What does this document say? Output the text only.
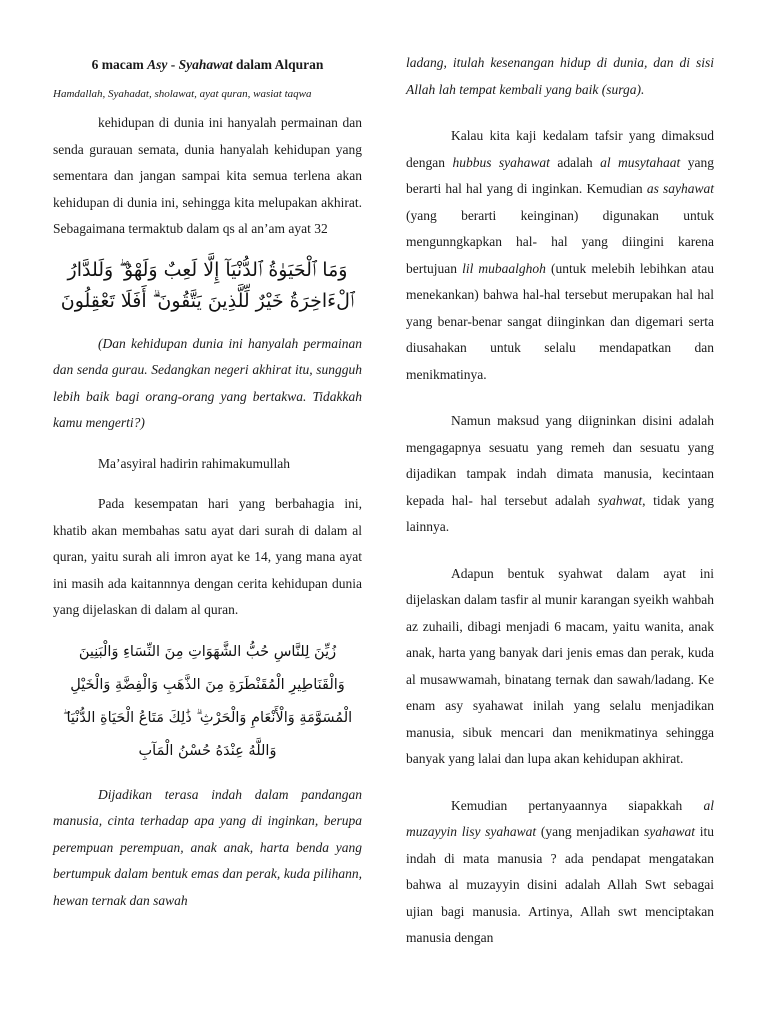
6 macam Asy - Syahawat dalam Alquran
Hamdallah, Syahadat, sholawat, ayat quran, wasiat taqwa

kehidupan di dunia ini hanyalah permainan dan senda gurauan semata, dunia hanyalah kehidupan yang sementara dan jangan sampai kita semua terlena akan kehidupan di dunia ini, sehingga kita melupakan akhirat. Sebagaimana termaktub dalam qs al an’am ayat 32

وَمَا ٱلْحَيَوٰةُ ٱلدُّنْيَآ إِلَّا لَعِبٌ وَلَهْوٌ ۖ وَلَلدَّارُ ٱلْءَاخِرَةُ خَيْرٌ لِّلَّذِينَ يَتَّقُونَ ۗ أَفَلَا تَعْقِلُونَ

(Dan kehidupan dunia ini hanyalah permainan dan senda gurau. Sedangkan negeri akhirat itu, sungguh lebih baik bagi orang-orang yang bertakwa. Tidakkah kamu mengerti?)

Ma’asyiral hadirin rahimakumullah

Pada kesempatan hari yang berbahagia ini, khatib akan membahas satu ayat dari surah di dalam al quran, yaitu surah ali imron ayat ke 14, yang mana ayat ini masih ada kaitannnya dengan cerita kehidupan dunia yang dijelaskan di dalam al quran.

زُيِّنَ لِلنَّاسِ حُبُّ الشَّهَوَاتِ مِنَ النِّسَاءِ وَالْبَنِينَ وَالْقَنَاطِيرِ الْمُقَنْطَرَةِ مِنَ الذَّهَبِ وَالْفِضَّةِ وَالْخَيْلِ الْمُسَوَّمَةِ وَالْأَنْعَامِ وَالْحَرْثِ ۗ ذَٰلِكَ مَتَاعُ الْحَيَاةِ الدُّنْيَا ۖ وَاللَّهُ عِنْدَهُ حُسْنُ الْمَآبِ

Dijadikan terasa indah dalam pandangan manusia, cinta terhadap apa yang di inginkan, berupa perempuan perempuan, anak anak, harta benda yang bertumpuk dalam bentuk emas dan perak, kuda pilihann, hewan ternak dan sawah

ladang, itulah kesenangan hidup di dunia, dan di sisi Allah lah tempat kembali yang baik (surga).

Kalau kita kaji kedalam tafsir yang dimaksud dengan hubbus syahawat adalah al musytahaat yang berarti hal hal yang di inginkan. Kemudian as sayhawat (yang berarti keinginan) digunakan untuk mengunngkapkan hal- hal yang diingini karena bertujuan lil mubaalghoh (untuk melebih lebihkan atau menekankan) bahwa hal-hal tersebut merupakan hal hal yang benar-benar sangat diinginkan dan digemari serta diusahakan untuk selalu mendapatkan dan menikmatinya.

Namun maksud yang diigninkan disini adalah mengagapnya sesuatu yang remeh dan sesuatu yang dijadikan tampak indah dimata manusia, kecintaan kepada hal- hal tersebut adalah syahwat, tidak yang lainnya.

Adapun bentuk syahwat dalam ayat ini dijelaskan dalam tasfir al munir karangan syeikh wahbah az zuhaili, dibagi menjadi 6 macam, yaitu wanita, anak anak, harta yang banyak dari jenis emas dan perak, kuda al musawwamah, binatang ternak dan sawah/ladang. Ke enam asy syahawat inilah yang selalu menjadikan manusia, sibuk mencari dan menikmatinya sehingga banyak yang lalai dan lupa akan kehidupan akhirat.

Kemudian pertanyaannya siapakkah al muzayyin lisy syahawat (yang menjadikan syahawat itu indah di mata manusia ? ada pendapat mengatakan bahwa al muzayyin disini adalah Allah Swt sebagai ujian bagi manusia. Artinya, Allah swt menciptakan manusia dengan
